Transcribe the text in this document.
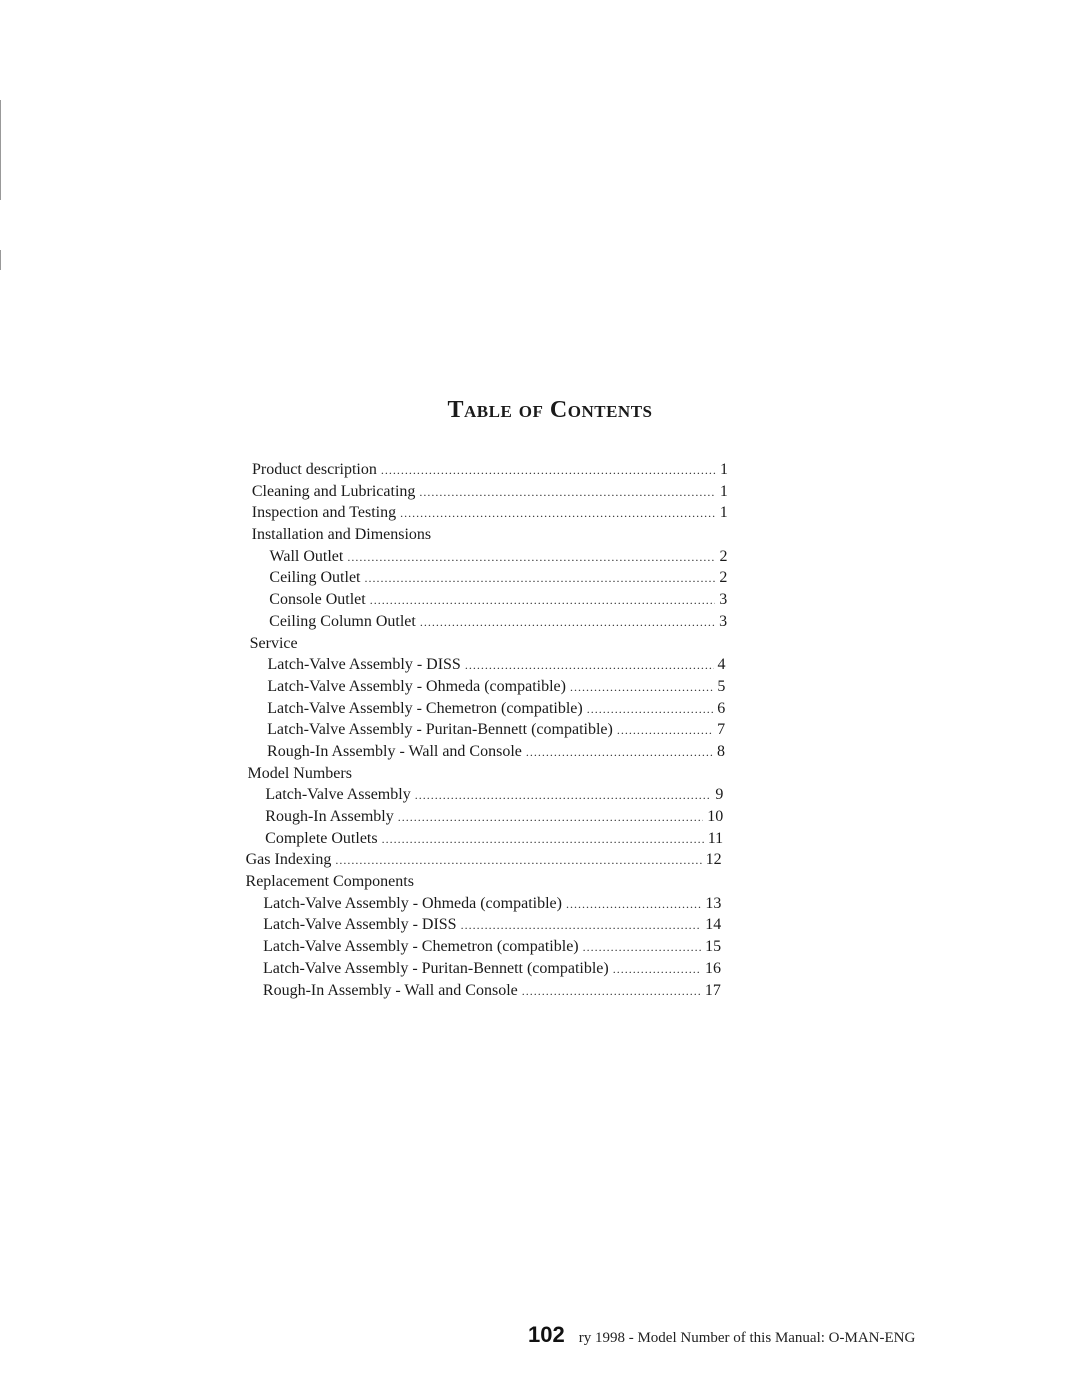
Table of Contents
Product description .....	1
Cleaning and Lubricating .....	1
Inspection and Testing .....	1
Installation and Dimensions
Wall Outlet .....	2
Ceiling Outlet .....	2
Console Outlet .....	3
Ceiling Column Outlet .....	3
Service
Latch-Valve Assembly - DISS .....	4
Latch-Valve Assembly - Ohmeda (compatible) .....	5
Latch-Valve Assembly - Chemetron (compatible) .....	6
Latch-Valve Assembly - Puritan-Bennett (compatible) .....	7
Rough-In Assembly - Wall and Console .....	8
Model Numbers
Latch-Valve Assembly .....	9
Rough-In Assembly .....	10
Complete Outlets .....	11
Gas Indexing .....	12
Replacement Components
Latch-Valve Assembly - Ohmeda (compatible) .....	13
Latch-Valve Assembly - DISS .....	14
Latch-Valve Assembly - Chemetron (compatible) .....	15
Latch-Valve Assembly - Puritan-Bennett (compatible) .....	16
Rough-In Assembly - Wall and Console .....	17
102 ry 1998 - Model Number of this Manual: O-MAN-ENG
